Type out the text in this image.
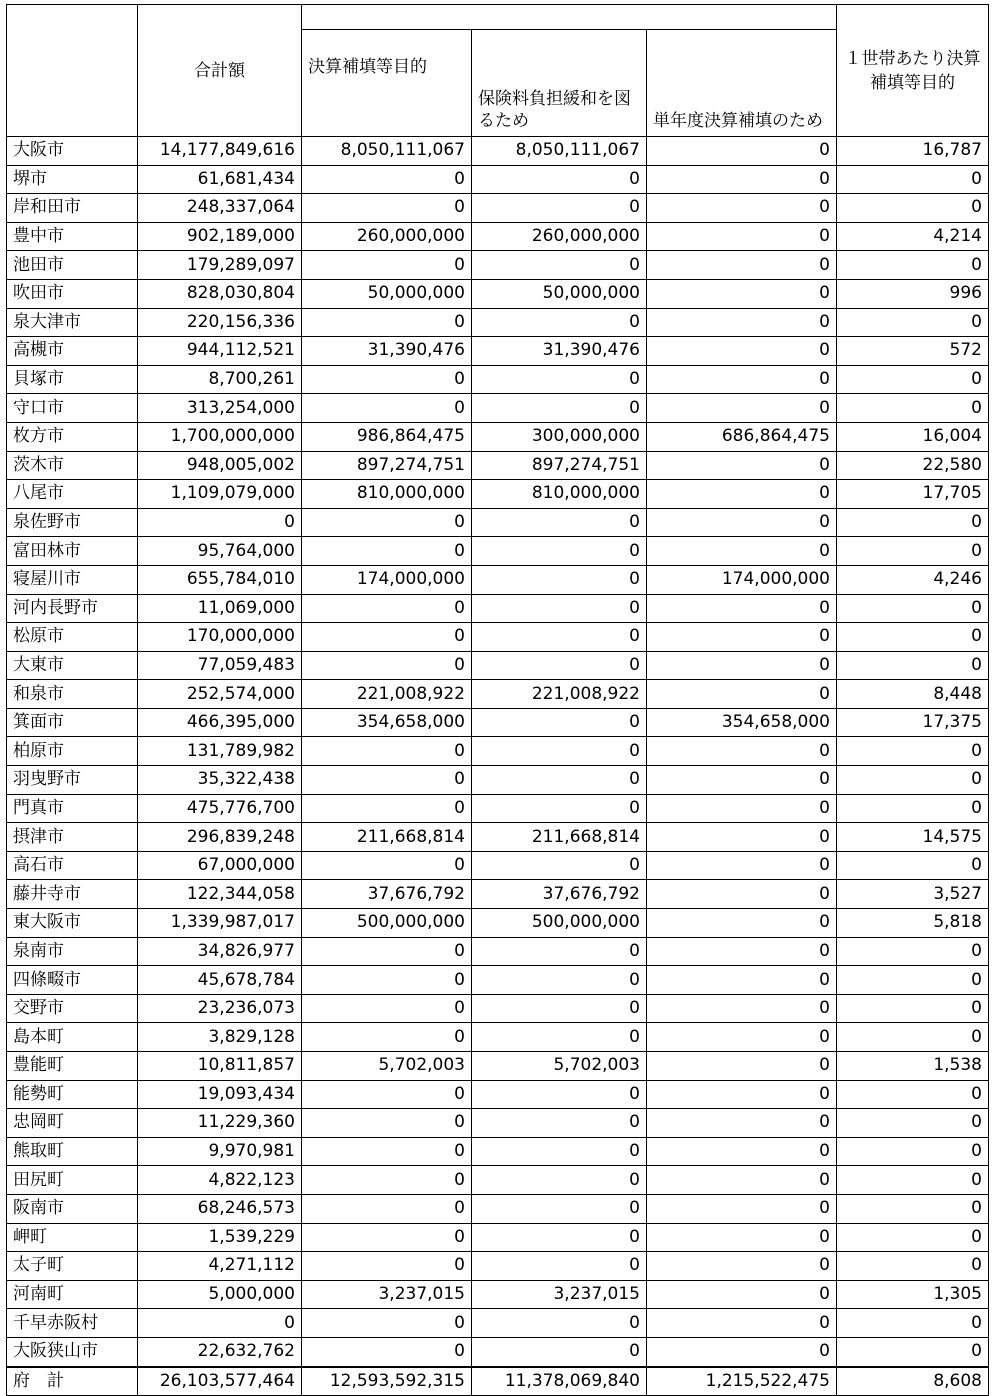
	合計額				１世帯あたり決算補填等目的
		決算補填等目的	保険料負担緩和を図るため	単年度決算補填のため	
大阪市	14,177,849,616	8,050,111,067	8,050,111,067	0	16,787
堺市	61,681,434	0	0	0	0
岸和田市	248,337,064	0	0	0	0
豊中市	902,189,000	260,000,000	260,000,000	0	4,214
池田市	179,289,097	0	0	0	0
吹田市	828,030,804	50,000,000	50,000,000	0	996
泉大津市	220,156,336	0	0	0	0
高槻市	944,112,521	31,390,476	31,390,476	0	572
貝塚市	8,700,261	0	0	0	0
守口市	313,254,000	0	0	0	0
枚方市	1,700,000,000	986,864,475	300,000,000	686,864,475	16,004
茨木市	948,005,002	897,274,751	897,274,751	0	22,580
八尾市	1,109,079,000	810,000,000	810,000,000	0	17,705
泉佐野市	0	0	0	0	0
富田林市	95,764,000	0	0	0	0
寝屋川市	655,784,010	174,000,000	0	174,000,000	4,246
河内長野市	11,069,000	0	0	0	0
松原市	170,000,000	0	0	0	0
大東市	77,059,483	0	0	0	0
和泉市	252,574,000	221,008,922	221,008,922	0	8,448
箕面市	466,395,000	354,658,000	0	354,658,000	17,375
柏原市	131,789,982	0	0	0	0
羽曳野市	35,322,438	0	0	0	0
門真市	475,776,700	0	0	0	0
摂津市	296,839,248	211,668,814	211,668,814	0	14,575
高石市	67,000,000	0	0	0	0
藤井寺市	122,344,058	37,676,792	37,676,792	0	3,527
東大阪市	1,339,987,017	500,000,000	500,000,000	0	5,818
泉南市	34,826,977	0	0	0	0
四條畷市	45,678,784	0	0	0	0
交野市	23,236,073	0	0	0	0
島本町	3,829,128	0	0	0	0
豊能町	10,811,857	5,702,003	5,702,003	0	1,538
能勢町	19,093,434	0	0	0	0
忠岡町	11,229,360	0	0	0	0
熊取町	9,970,981	0	0	0	0
田尻町	4,822,123	0	0	0	0
阪南市	68,246,573	0	0	0	0
岬町	1,539,229	0	0	0	0
太子町	4,271,112	0	0	0	0
河南町	5,000,000	3,237,015	3,237,015	0	1,305
千早赤阪村	0	0	0	0	0
大阪狭山市	22,632,762	0	0	0	0
府　計	26,103,577,464	12,593,592,315	11,378,069,840	1,215,522,475	8,608
